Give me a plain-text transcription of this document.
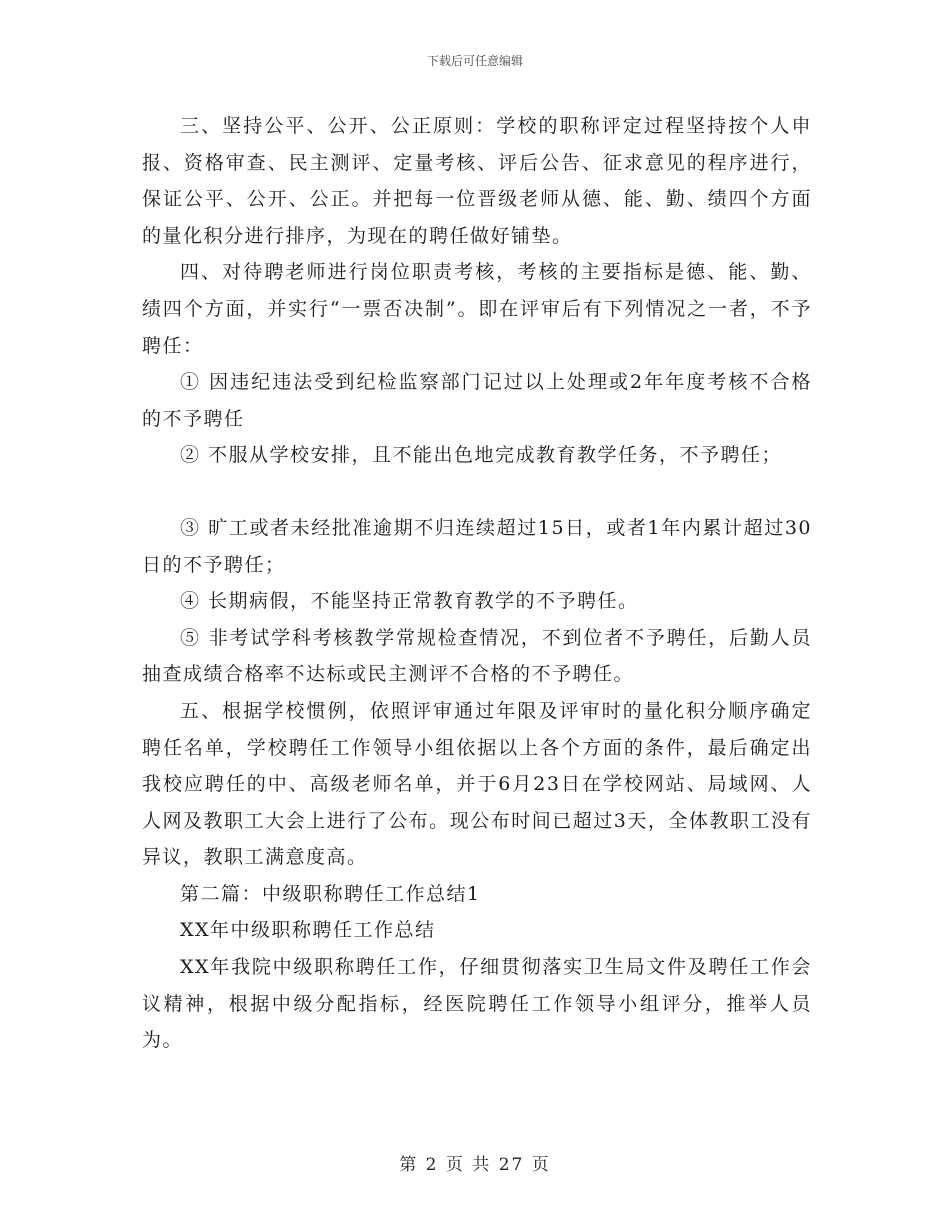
下载后可任意编辑

三、坚持公平、公开、公正原则：学校的职称评定过程坚持按个人申报、资格审查、民主测评、定量考核、评后公告、征求意见的程序进行，保证公平、公开、公正。并把每一位晋级老师从德、能、勤、绩四个方面的量化积分进行排序，为现在的聘任做好铺垫。

四、对待聘老师进行岗位职责考核，考核的主要指标是德、能、勤、绩四个方面，并实行“一票否决制”。即在评审后有下列情况之一者，不予聘任：

① 因违纪违法受到纪检监察部门记过以上处理或2年年度考核不合格的不予聘任

② 不服从学校安排，且不能出色地完成教育教学任务，不予聘任；

③ 旷工或者未经批准逾期不归连续超过15日，或者1年内累计超过30日的不予聘任；

④ 长期病假，不能坚持正常教育教学的不予聘任。

⑤ 非考试学科考核教学常规检查情况，不到位者不予聘任，后勤人员抽查成绩合格率不达标或民主测评不合格的不予聘任。

五、根据学校惯例，依照评审通过年限及评审时的量化积分顺序确定聘任名单，学校聘任工作领导小组依据以上各个方面的条件，最后确定出我校应聘任的中、高级老师名单，并于6月23日在学校网站、局域网、人人网及教职工大会上进行了公布。现公布时间已超过3天，全体教职工没有异议，教职工满意度高。

第二篇：中级职称聘任工作总结1

XX年中级职称聘任工作总结

XX年我院中级职称聘任工作，仔细贯彻落实卫生局文件及聘任工作会议精神，根据中级分配指标，经医院聘任工作领导小组评分，推举人员为。

第 2 页 共 27 页
